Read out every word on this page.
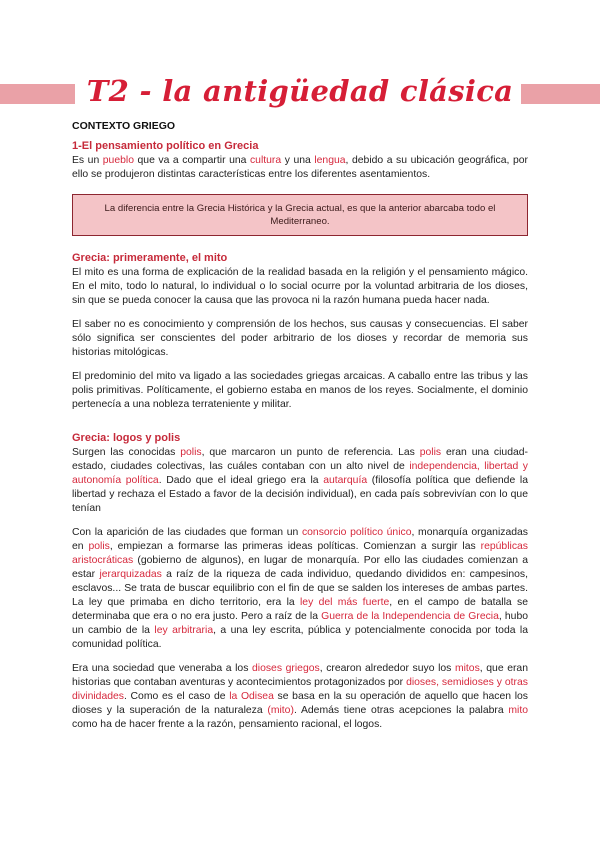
T2 - la antigüedad clásica
CONTEXTO GRIEGO
1-El pensamiento político en Grecia

Es un pueblo que va a compartir una cultura y una lengua, debido a su ubicación geográfica, por ello se produjeron distintas características entre los diferentes asentamientos.

La diferencia entre la Grecia Histórica y la Grecia actual, es que la anterior abarcaba todo el Mediterraneo.
Grecia: primeramente, el mito

El mito es una forma de explicación de la realidad basada en la religión y el pensamiento mágico. En el mito, todo lo natural, lo individual o lo social ocurre por la voluntad arbitraria de los dioses, sin que se pueda conocer la causa que las provoca ni la razón humana pueda hacer nada.

El saber no es conocimiento y comprensión de los hechos, sus causas y consecuencias. El saber sólo significa ser conscientes del poder arbitrario de los dioses y recordar de memoria sus historias mitológicas.

El predominio del mito va ligado a las sociedades griegas arcaicas. A caballo entre las tribus y las polis primitivas. Políticamente, el gobierno estaba en manos de los reyes. Socialmente, el dominio pertenecía a una nobleza terrateniente y militar.

Grecia: logos y polis

Surgen las conocidas polis, que marcaron un punto de referencia. Las polis eran una ciudad- estado, ciudades colectivas, las cuáles contaban con un alto nivel de independencia, libertad y autonomía política. Dado que el ideal griego era la autarquía (filosofía política que defiende la libertad y rechaza el Estado a favor de la decisión individual), en cada país sobrevivían con lo que tenían

Con la aparición de las ciudades que forman un consorcio político único, monarquía organizadas en polis, empiezan a formarse las primeras ideas políticas. Comienzan a surgir las repúblicas aristocráticas (gobierno de algunos), en lugar de monarquía. Por ello las ciudades comienzan a estar jerarquizadas a raíz de la riqueza de cada individuo, quedando divididos en: campesinos, esclavos... Se trata de buscar equilibrio con el fin de que se salden los intereses de ambas partes. La ley que primaba en dicho territorio, era la ley del más fuerte, en el campo de batalla se determinaba que era o no era justo. Pero a raíz de la Guerra de la Independencia de Grecia, hubo un cambio de la ley arbitraria, a una ley escrita, pública y potencialmente conocida por toda la comunidad política.

Era una sociedad que veneraba a los dioses griegos, crearon alrededor suyo los mitos, que eran historias que contaban aventuras y acontecimientos protagonizados por dioses, semidioses y otras divinidades. Como es el caso de la Odisea se basa en la su operación de aquello que hacen los dioses y la superación de la naturaleza (mito). Además tiene otras acepciones la palabra mito como ha de hacer frente a la razón, pensamiento racional, el logos.
